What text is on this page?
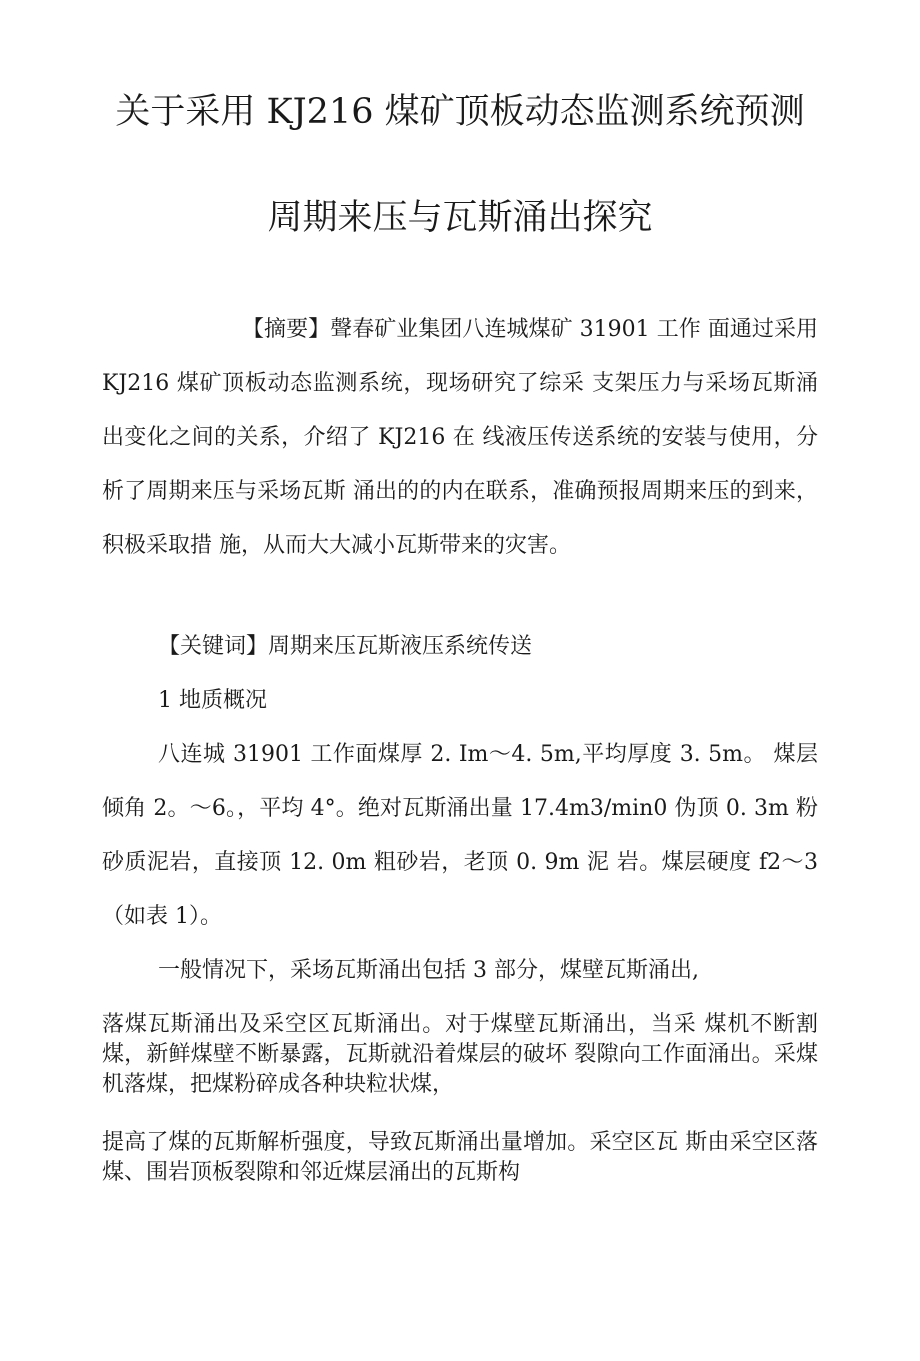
关于采用 KJ216 煤矿顶板动态监测系统预测
周期来压与瓦斯涌出探究

【摘要】聲春矿业集团八连城煤矿 31901 工作 面通过采用 KJ216 煤矿顶板动态监测系统，现场研究了综采 支架压力与采场瓦斯涌出变化之间的关系，介绍了 KJ216 在 线液压传送系统的安装与使用，分析了周期来压与采场瓦斯 涌出的的内在联系，准确预报周期来压的到来，积极采取措 施，从而大大减小瓦斯带来的灾害。

【关键词】周期来压瓦斯液压系统传送

1 地质概况

八连城 31901 工作面煤厚 2. Im～4. 5m,平均厚度 3. 5m。 煤层倾角 2。～6。，平均 4°。绝对瓦斯涌出量 17.4m3/min0 伪顶 0. 3m 粉砂质泥岩，直接顶 12. 0m 粗砂岩，老顶 0. 9m 泥 岩。煤层硬度 f2～3 （如表 1）。

一般情况下，采场瓦斯涌出包括 3 部分，煤壁瓦斯涌出,

落煤瓦斯涌出及采空区瓦斯涌出。对于煤壁瓦斯涌出，当采 煤机不断割煤，新鲜煤壁不断暴露，瓦斯就沿着煤层的破坏 裂隙向工作面涌出。采煤机落煤，把煤粉碎成各种块粒状煤，

提高了煤的瓦斯解析强度，导致瓦斯涌出量增加。采空区瓦 斯由采空区落煤、围岩顶板裂隙和邻近煤层涌出的瓦斯构
